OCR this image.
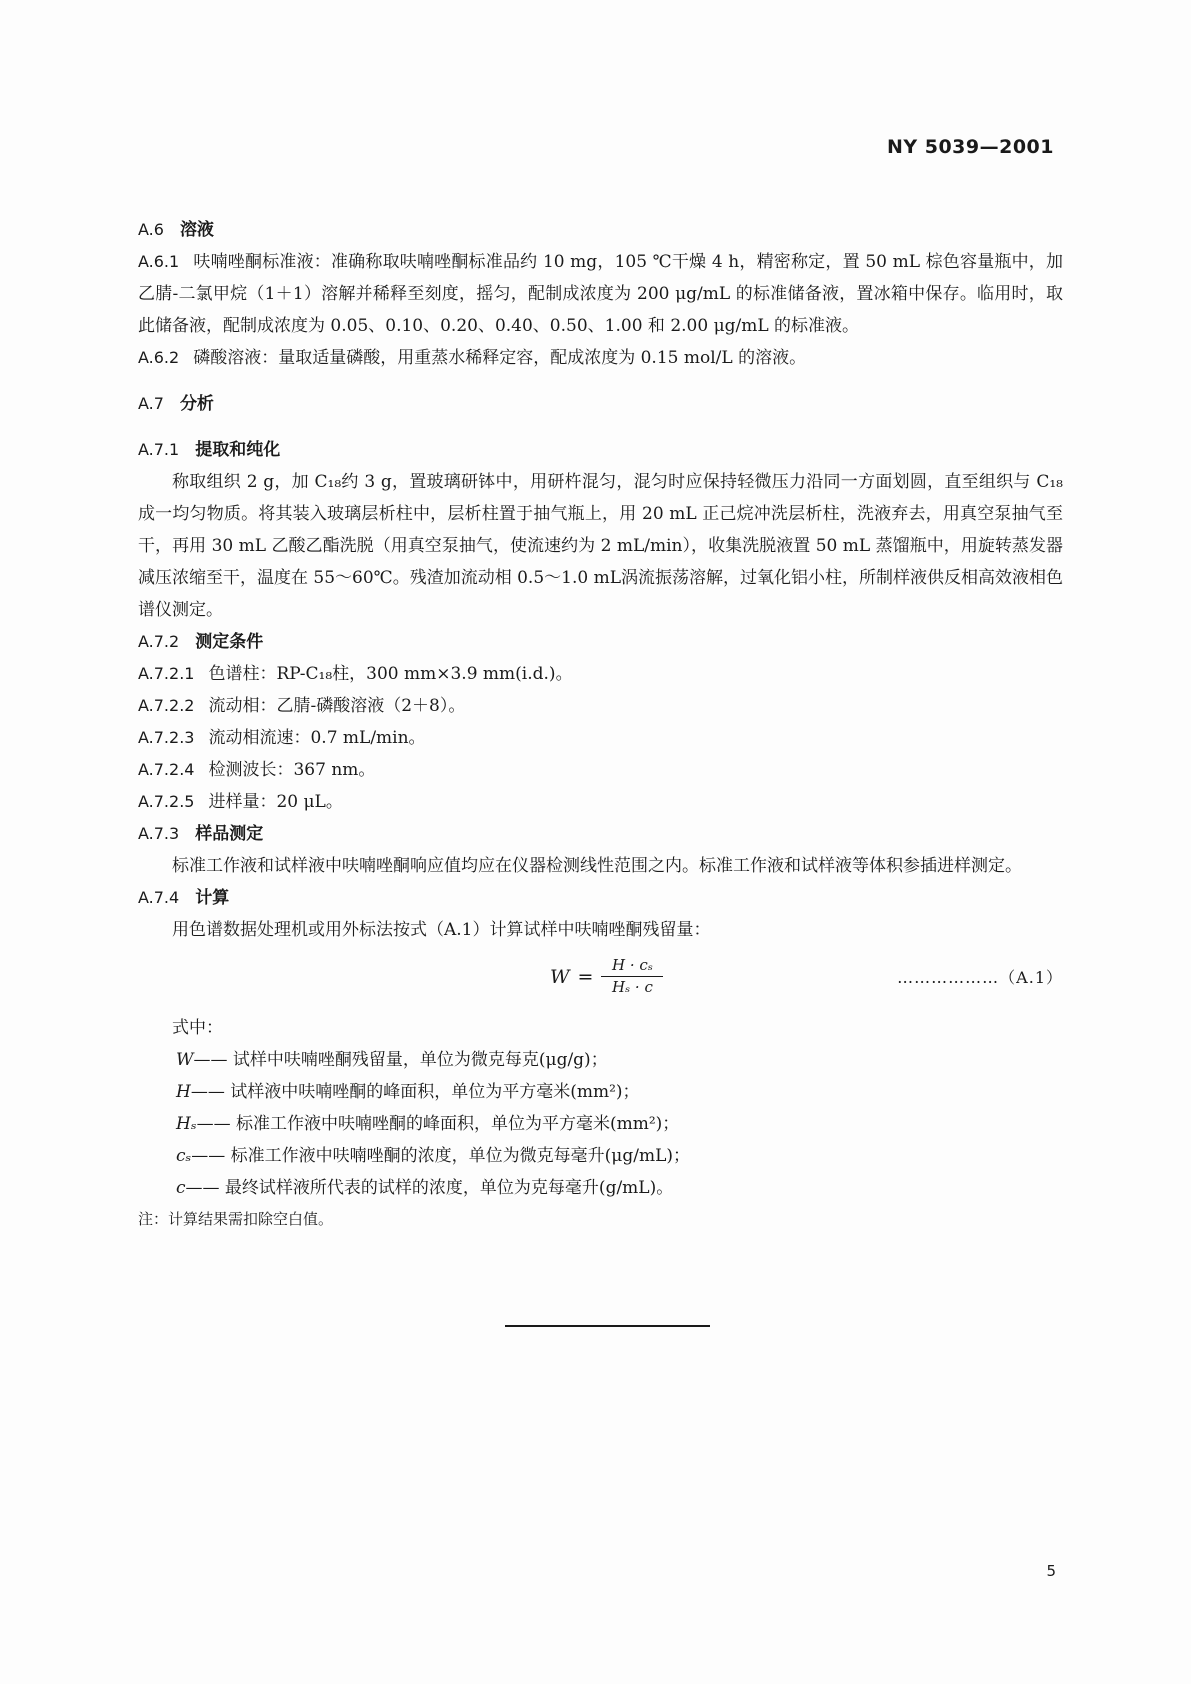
NY 5039—2001

A.6 溶液

A.6.1 呋喃唑酮标准液：准确称取呋喃唑酮标准品约 10 mg，105 ℃干燥 4 h，精密称定，置 50 mL 棕色容量瓶中，加乙腈-二氯甲烷（1＋1）溶解并稀释至刻度，摇匀，配制成浓度为 200 μg/mL 的标准储备液，置冰箱中保存。临用时，取此储备液，配制成浓度为 0.05、0.10、0.20、0.40、0.50、1.00 和 2.00 μg/mL 的标准液。

A.6.2 磷酸溶液：量取适量磷酸，用重蒸水稀释定容，配成浓度为 0.15 mol/L 的溶液。

A.7 分析
A.7.1 提取和纯化

称取组织 2 g，加 C₁₈约 3 g，置玻璃研钵中，用研杵混匀，混匀时应保持轻微压力沿同一方面划圆，直至组织与 C₁₈成一均匀物质。将其装入玻璃层析柱中，层析柱置于抽气瓶上，用 20 mL 正己烷冲洗层析柱，洗液弃去，用真空泵抽气至干，再用 30 mL 乙酸乙酯洗脱（用真空泵抽气，使流速约为 2 mL/min），收集洗脱液置 50 mL 蒸馏瓶中，用旋转蒸发器减压浓缩至干，温度在 55～60℃。残渣加流动相 0.5～1.0 mL涡流振荡溶解，过氧化铝小柱，所制样液供反相高效液相色谱仪测定。

A.7.2 测定条件

A.7.2.1 色谱柱：RP-C₁₈柱，300 mm×3.9 mm(i.d.)。

A.7.2.2 流动相：乙腈-磷酸溶液（2＋8）。

A.7.2.3 流动相流速：0.7 mL/min。

A.7.2.4 检测波长：367 nm。

A.7.2.5 进样量：20 μL。

A.7.3 样品测定

标准工作液和试样液中呋喃唑酮响应值均应在仪器检测线性范围之内。标准工作液和试样液等体积参插进样测定。

A.7.4 计算

用色谱数据处理机或用外标法按式（A.1）计算试样中呋喃唑酮残留量：

$W = \frac{\text{H · cₛ}}{\text{Hₛ · c}}$	………………（A.1）

式中：

W—— 试样中呋喃唑酮残留量，单位为微克每克(μg/g)；
H—— 试样液中呋喃唑酮的峰面积，单位为平方毫米(mm²)；
Hₛ—— 标准工作液中呋喃唑酮的峰面积，单位为平方毫米(mm²)；
cₛ—— 标准工作液中呋喃唑酮的浓度，单位为微克每毫升(μg/mL)；
c—— 最终试样液所代表的试样的浓度，单位为克每毫升(g/mL)。

注：计算结果需扣除空白值。

5
